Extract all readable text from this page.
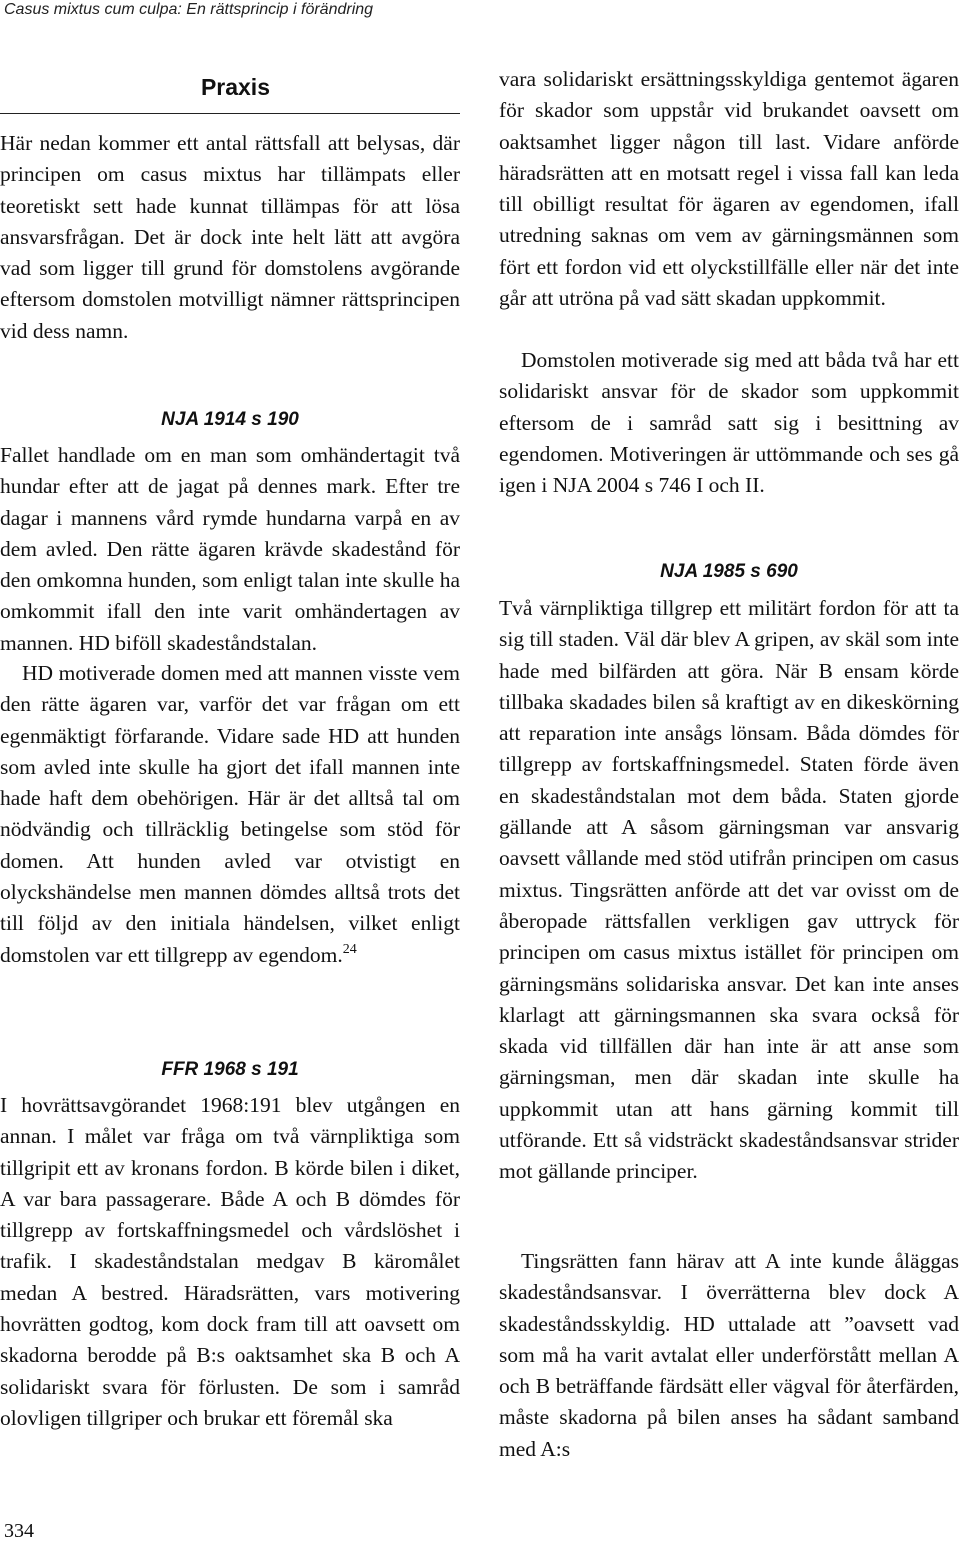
Casus mixtus cum culpa: En rättsprincip i förändring
Praxis
Här nedan kommer ett antal rättsfall att belysas, där principen om casus mixtus har tillämpats eller teoretiskt sett hade kunnat tillämpas för att lösa ansvarsfrågan. Det är dock inte helt lätt att avgöra vad som ligger till grund för domstolens avgörande eftersom domstolen motvilligt nämner rättsprincipen vid dess namn.
NJA 1914 s 190
Fallet handlade om en man som omhändertagit två hundar efter att de jagat på dennes mark. Efter tre dagar i mannens vård rymde hundarna varpå en av dem avled. Den rätte ägaren krävde skadestånd för den omkomna hunden, som enligt talan inte skulle ha omkommit ifall den inte varit omhändertagen av mannen. HD biföll skadeståndstalan.
HD motiverade domen med att mannen visste vem den rätte ägaren var, varför det var frågan om ett egenmäktigt förfarande. Vidare sade HD att hunden som avled inte skulle ha gjort det ifall mannen inte hade haft dem obehörigen. Här är det alltså tal om nödvändig och tillräcklig betingelse som stöd för domen. Att hunden avled var otvistigt en olyckshändelse men mannen dömdes alltså trots det till följd av den initiala händelsen, vilket enligt domstolen var ett tillgrepp av egendom.$^{24}$
FFR 1968 s 191
I hovrättsavgörandet 1968:191 blev utgången en annan. I målet var fråga om två värnpliktiga som tillgripit ett av kronans fordon. B körde bilen i diket, A var bara passagerare. Både A och B dömdes för tillgrepp av fortskaffningsmedel och vårdslöshet i trafik. I skadeståndstalan medgav B käromålet medan A bestred. Häradsrätten, vars motivering hovrätten godtog, kom dock fram till att oavsett om skadorna berodde på B:s oaktsamhet ska B och A solidariskt svara för förlusten. De som i samråd olovligen tillgriper och brukar ett föremål ska
vara solidariskt ersättningsskyldiga gentemot ägaren för skador som uppstår vid brukandet oavsett om oaktsamhet ligger någon till last. Vidare anförde häradsrätten att en motsatt regel i vissa fall kan leda till obilligt resultat för ägaren av egendomen, ifall utredning saknas om vem av gärningsmännen som fört ett fordon vid ett olyckstillfälle eller när det inte går att utröna på vad sätt skadan uppkommit.
Domstolen motiverade sig med att båda två har ett solidariskt ansvar för de skador som uppkommit eftersom de i samråd satt sig i besittning av egendomen. Motiveringen är uttömmande och ses gå igen i NJA 2004 s 746 I och II.
NJA 1985 s 690
Två värnpliktiga tillgrep ett militärt fordon för att ta sig till staden. Väl där blev A gripen, av skäl som inte hade med bilfärden att göra. När B ensam körde tillbaka skadades bilen så kraftigt av en dikeskörning att reparation inte ansågs lönsam. Båda dömdes för tillgrepp av fortskaffningsmedel. Staten förde även en skadeståndstalan mot dem båda. Staten gjorde gällande att A såsom gärningsman var ansvarig oavsett vållande med stöd utifrån principen om casus mixtus. Tingsrätten anförde att det var ovisst om de åberopade rättsfallen verkligen gav uttryck för principen om casus mixtus istället för principen om gärningsmäns solidariska ansvar. Det kan inte anses klarlagt att gärningsmannen ska svara också för skada vid tillfällen där han inte är att anse som gärningsman, men där skadan inte skulle ha uppkommit utan att hans gärning kommit till utförande. Ett så vidsträckt skadeståndsansvar strider mot gällande principer.
Tingsrätten fann härav att A inte kunde åläggas skadeståndsansvar. I överrätterna blev dock A skadeståndsskyldig. HD uttalade att ”oavsett vad som må ha varit avtalat eller underförstått mellan A och B beträffande färdsätt eller vägval för återfärden, måste skadorna på bilen anses ha sådant samband med A:s
334
